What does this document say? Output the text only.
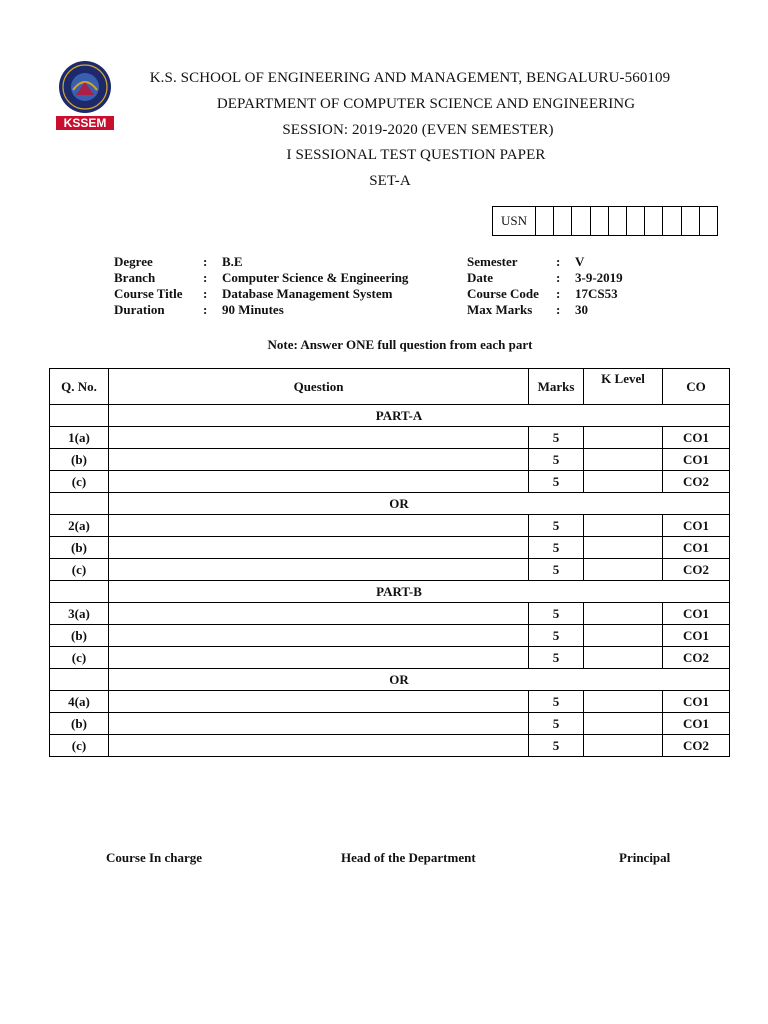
KSSEM
K.S. SCHOOL OF ENGINEERING AND MANAGEMENT, BENGALURU-560109
DEPARTMENT OF COMPUTER SCIENCE AND ENGINEERING
SESSION: 2019-2020 (EVEN SEMESTER)
I SESSIONAL TEST QUESTION PAPER
SET-A
USN
Degree	: B.E
Branch	: Computer Science & Engineering
Course Title : Database Management System
Duration	: 90 Minutes
Semester	: V
Date	: 3-9-2019
Course Code : 17CS53
Max Marks : 30
Note: Answer ONE full question from each part
Q. No.	Question	Marks	K Level	CO
	PART-A			
1(a)		5		CO1
(b)		5		CO1
(c)		5		CO2
	OR			
2(a)		5		CO1
(b)		5		CO1
(c)		5		CO2
	PART-B			
3(a)		5		CO1
(b)		5		CO1
(c)		5		CO2
	OR			
4(a)		5		CO1
(b)		5		CO1
(c)		5		CO2
Course In charge	Head of the Department	Principal
